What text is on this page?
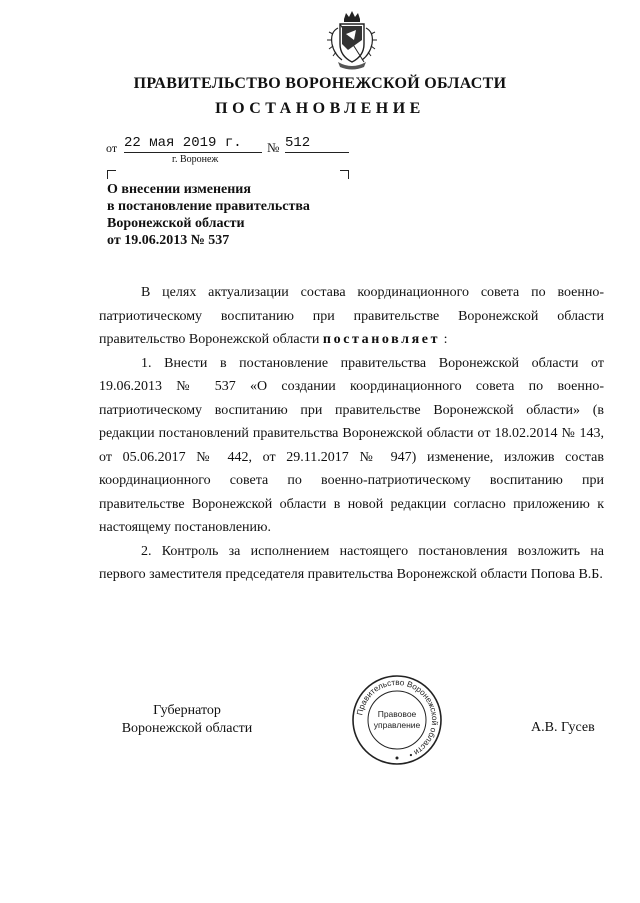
ПРАВИТЕЛЬСТВО ВОРОНЕЖСКОЙ ОБЛАСТИ
ПОСТАНОВЛЕНИЕ
от 22 мая 2019 г.	№ 512
г. Воронеж
О внесении изменения
в постановление правительства
Воронежской области
от 19.06.2013 № 537
В целях актуализации состава координационного совета по военно-патриотическому воспитанию при правительстве Воронежской области правительство Воронежской области постановляет :
1. Внести в постановление правительства Воронежской области от 19.06.2013 № 537 «О создании координационного совета по военно-патриотическому воспитанию при правительстве Воронежской области» (в редакции постановлений правительства Воронежской области от 18.02.2014 № 143, от 05.06.2017 № 442, от 29.11.2017 № 947) изменение, изложив состав координационного совета по военно-патриотическому воспитанию при правительстве Воронежской области в новой редакции согласно приложению к настоящему постановлению.
2. Контроль за исполнением настоящего постановления возложить на первого заместителя председателя правительства Воронежской области Попова В.Б.
Губернатор
Воронежской области
Правительство Воронежской области •
Правовое
управление	А.В. Гусев
